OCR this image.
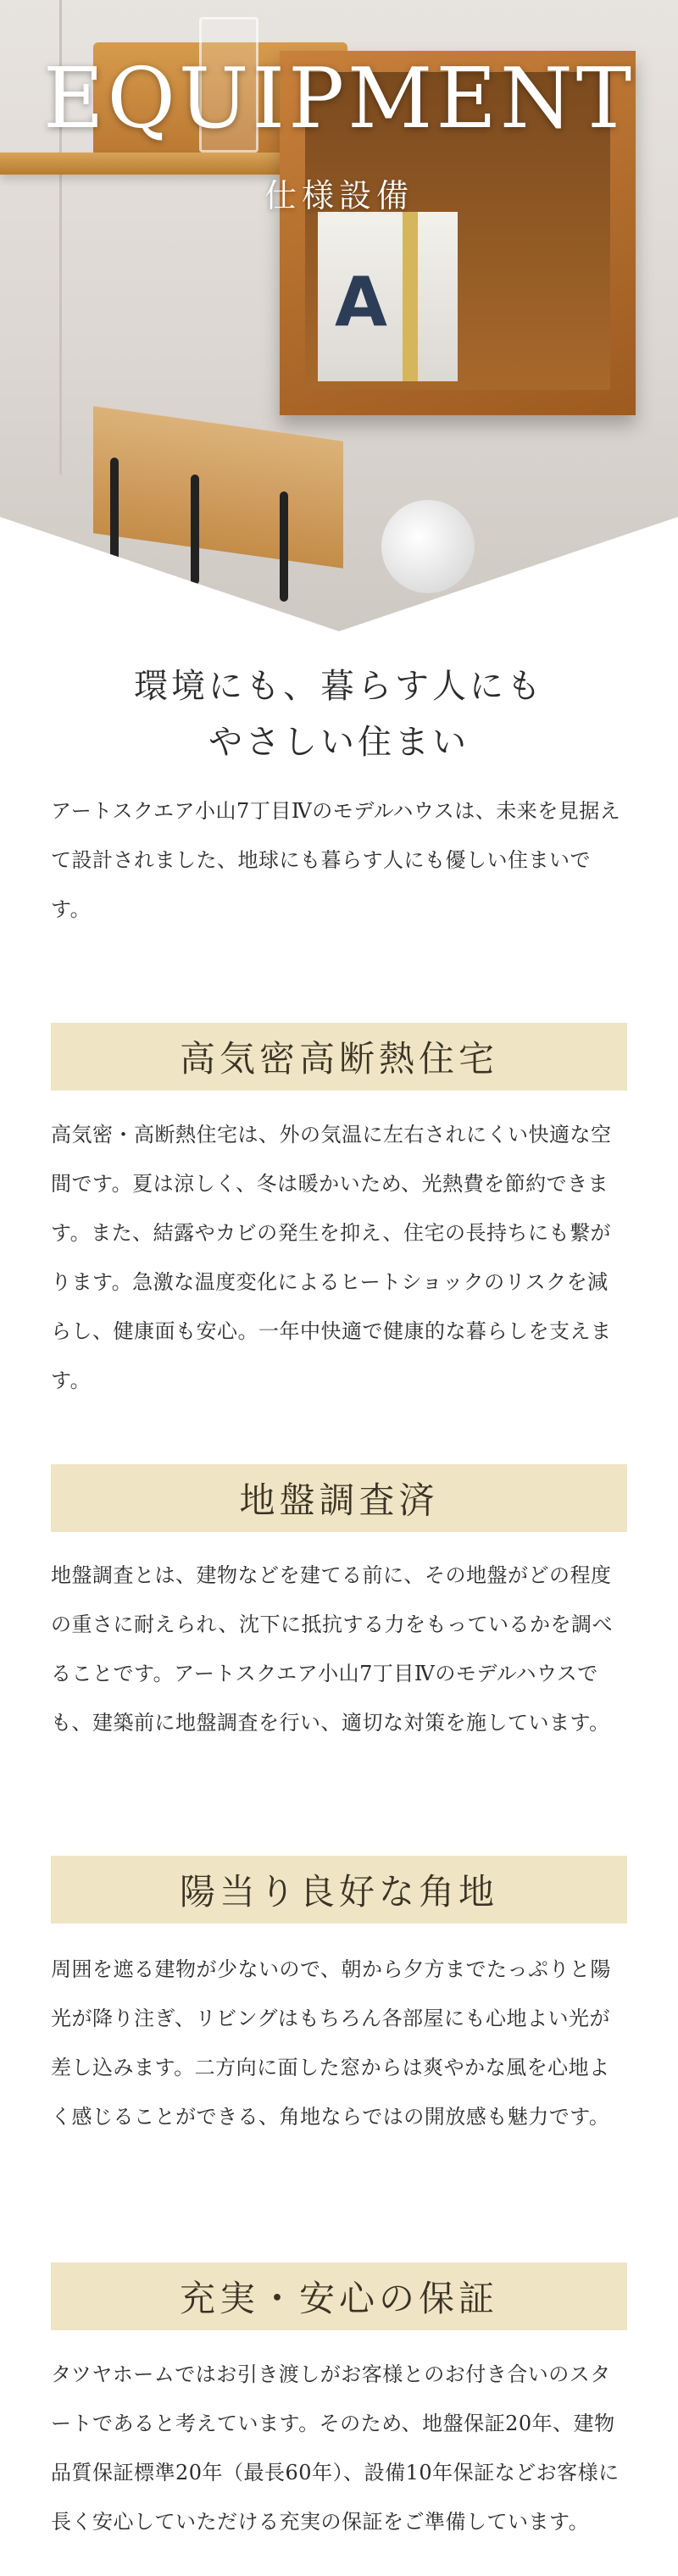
A
EQUIPMENT
仕様設備
環境にも、暮らす人にも
やさしい住まい
アートスクエア小山7丁目Ⅳのモデルハウスは、未来を見据えて設計されました、地球にも暮らす人にも優しい住まいです。
高気密高断熱住宅
高気密・高断熱住宅は、外の気温に左右されにくい快適な空間です。夏は涼しく、冬は暖かいため、光熱費を節約できます。また、結露やカビの発生を抑え、住宅の長持ちにも繋がります。急激な温度変化によるヒートショックのリスクを減らし、健康面も安心。一年中快適で健康的な暮らしを支えます。
地盤調査済
地盤調査とは、建物などを建てる前に、その地盤がどの程度の重さに耐えられ、沈下に抵抗する力をもっているかを調べることです。アートスクエア小山7丁目Ⅳのモデルハウスでも、建築前に地盤調査を行い、適切な対策を施しています。
陽当り良好な角地
周囲を遮る建物が少ないので、朝から夕方までたっぷりと陽光が降り注ぎ、リビングはもちろん各部屋にも心地よい光が差し込みます。二方向に面した窓からは爽やかな風を心地よく感じることができる、角地ならではの開放感も魅力です。
充実・安心の保証
タツヤホームではお引き渡しがお客様とのお付き合いのスタートであると考えています。そのため、地盤保証20年、建物品質保証標準20年（最長60年）、設備10年保証などお客様に長く安心していただける充実の保証をご準備しています。
